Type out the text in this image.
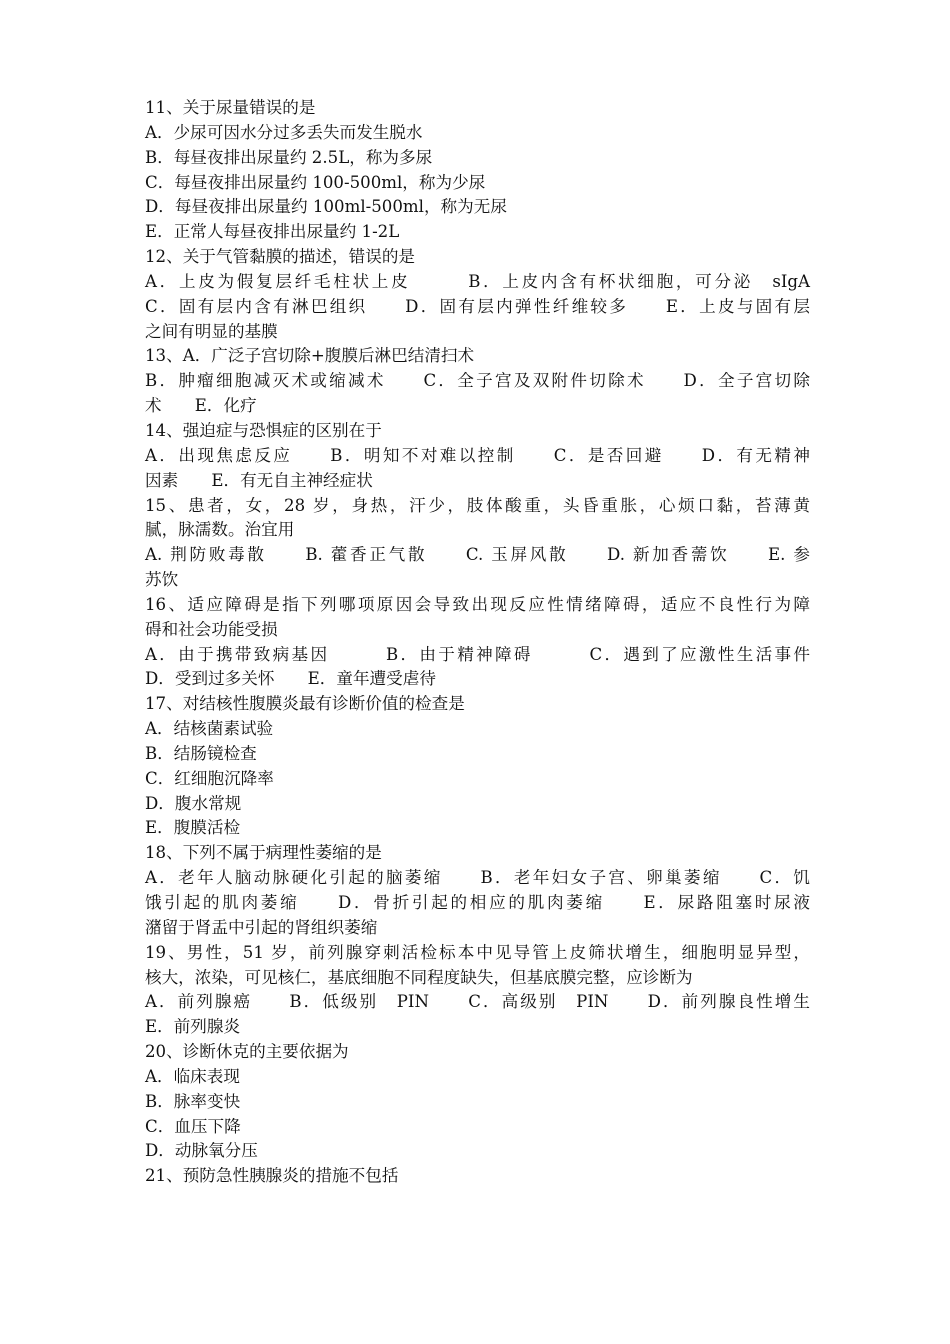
11、关于尿量错误的是
A．少尿可因水分过多丢失而发生脱水
B．每昼夜排出尿量约 2.5L，称为多尿
C．每昼夜排出尿量约 100-500ml，称为少尿
D．每昼夜排出尿量约 100ml-500ml，称为无尿
E．正常人每昼夜排出尿量约 1-2L
12、关于气管黏膜的描述，错误的是
A．上皮为假复层纤毛柱状上皮　　　B．上皮内含有杯状细胞，可分泌　sIgA
C．固有层内含有淋巴组织　　D．固有层内弹性纤维较多　　E．上皮与固有层
之间有明显的基膜
13、A．广泛子宫切除+腹膜后淋巴结清扫术
B．肿瘤细胞减灭术或缩减术　　C．全子宫及双附件切除术　　D．全子宫切除
术　　E．化疗
14、强迫症与恐惧症的区别在于
A．出现焦虑反应　　B．明知不对难以控制　　C．是否回避　　D．有无精神
因素　　E．有无自主神经症状
15、患者，女，28 岁，身热，汗少，肢体酸重，头昏重胀，心烦口黏，苔薄黄
腻，脉濡数。治宜用
A. 荆防败毒散　　B. 藿香正气散　　C. 玉屏风散　　D. 新加香薷饮　　E. 参
苏饮
16、适应障碍是指下列哪项原因会导致出现反应性情绪障碍，适应不良性行为障
碍和社会功能受损
A．由于携带致病基因　　　B．由于精神障碍　　　C．遇到了应激性生活事件
D．受到过多关怀　　E．童年遭受虐待
17、对结核性腹膜炎最有诊断价值的检查是
A．结核菌素试验
B．结肠镜检查
C．红细胞沉降率
D．腹水常规
E．腹膜活检
18、下列不属于病理性萎缩的是
A．老年人脑动脉硬化引起的脑萎缩　　B．老年妇女子宫、卵巢萎缩　　C．饥
饿引起的肌肉萎缩　　D．骨折引起的相应的肌肉萎缩　　E．尿路阻塞时尿液
潴留于肾盂中引起的肾组织萎缩
19、男性，51 岁，前列腺穿刺活检标本中见导管上皮筛状增生，细胞明显异型，
核大，浓染，可见核仁，基底细胞不同程度缺失，但基底膜完整，应诊断为
A．前列腺癌　　B．低级别　PIN　　C．高级别　PIN　　D．前列腺良性增生
E．前列腺炎
20、诊断休克的主要依据为
A．临床表现
B．脉率变快
C．血压下降
D．动脉氧分压
21、预防急性胰腺炎的措施不包括
